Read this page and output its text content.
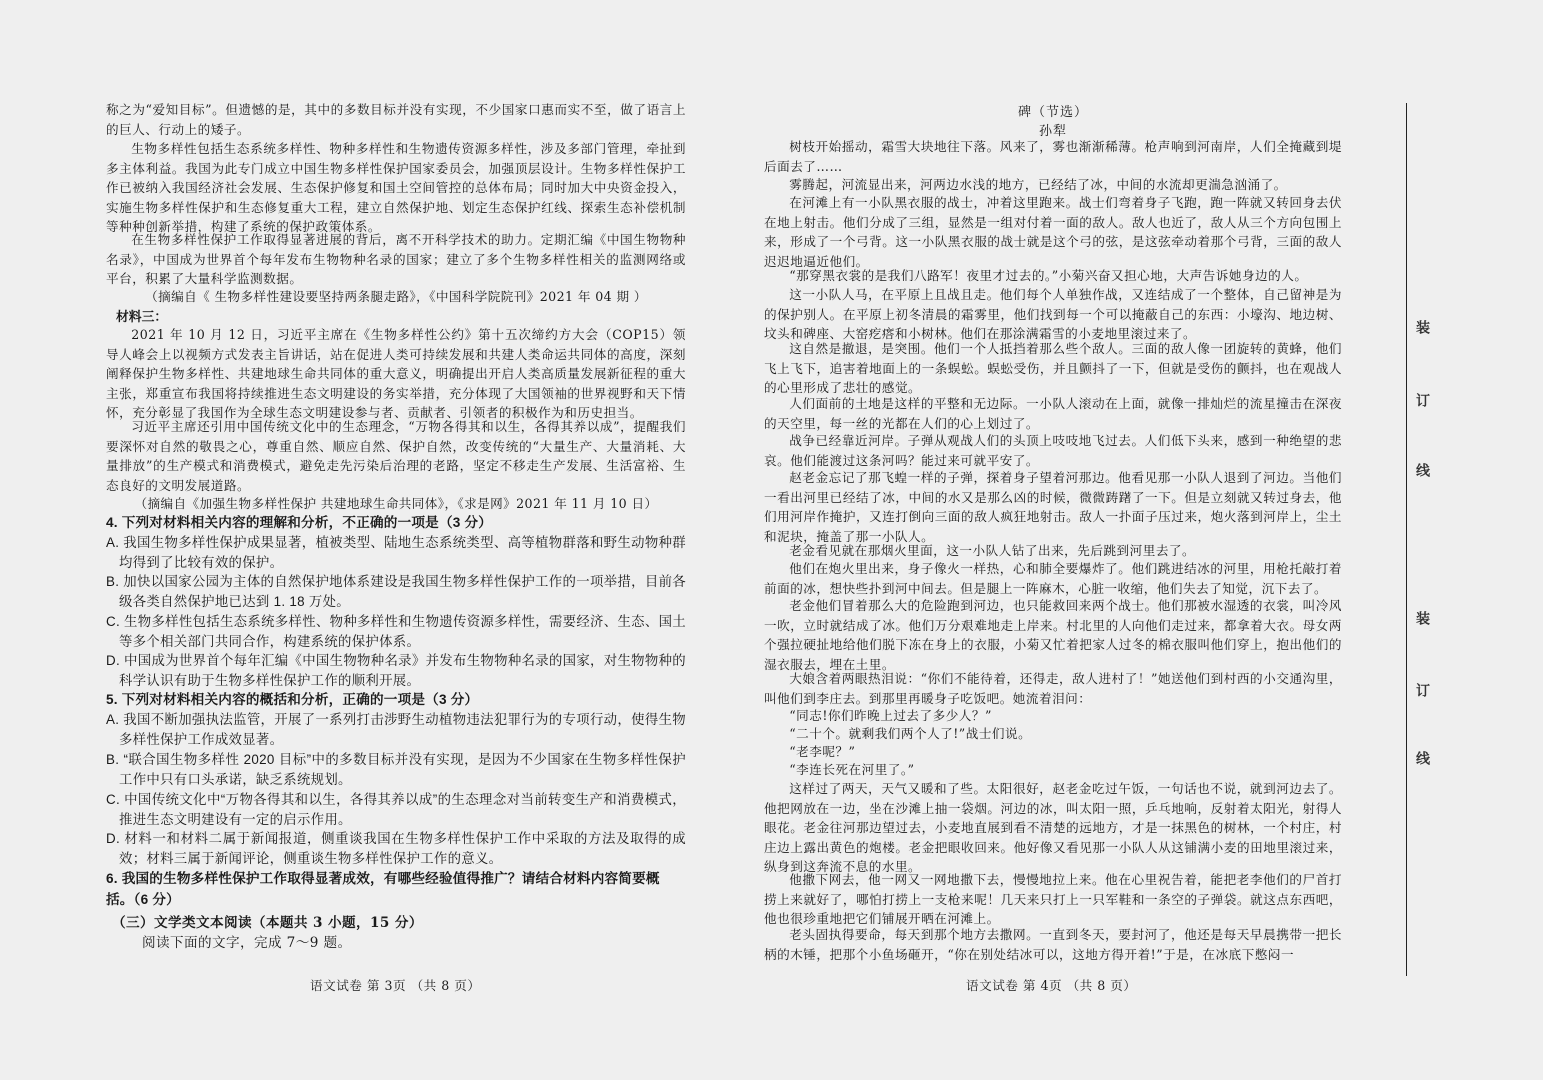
称之为“爱知目标”。但遗憾的是，其中的多数目标并没有实现，不少国家口惠而实不至，做了语言上的巨人、行动上的矮子。

生物多样性包括生态系统多样性、物种多样性和生物遗传资源多样性，涉及多部门管理，牵扯到多主体利益。我国为此专门成立中国生物多样性保护国家委员会，加强顶层设计。生物多样性保护工作已被纳入我国经济社会发展、生态保护修复和国土空间管控的总体布局；同时加大中央资金投入，实施生物多样性保护和生态修复重大工程，建立自然保护地、划定生态保护红线、探索生态补偿机制等种种创新举措，构建了系统的保护政策体系。

在生物多样性保护工作取得显著进展的背后，离不开科学技术的助力。定期汇编《中国生物物种名录》，中国成为世界首个每年发布生物物种名录的国家；建立了多个生物多样性相关的监测网络或平台，积累了大量科学监测数据。

（摘编自《 生物多样性建设要坚持两条腿走路》，《中国科学院院刊》2021 年 04 期 ）
材料三：

2021 年 10 月 12 日，习近平主席在《生物多样性公约》第十五次缔约方大会（COP15）领导人峰会上以视频方式发表主旨讲话，站在促进人类可持续发展和共建人类命运共同体的高度，深刻阐释保护生物多样性、共建地球生命共同体的重大意义，明确提出开启人类高质量发展新征程的重大主张，郑重宣布我国将持续推进生态文明建设的务实举措，充分体现了大国领袖的世界视野和天下情怀，充分彰显了我国作为全球生态文明建设参与者、贡献者、引领者的积极作为和历史担当。

习近平主席还引用中国传统文化中的生态理念，“万物各得其和以生，各得其养以成”，提醒我们要深怀对自然的敬畏之心，尊重自然、顺应自然、保护自然，改变传统的“大量生产、大量消耗、大量排放”的生产模式和消费模式，避免走先污染后治理的老路，坚定不移走生产发展、生活富裕、生态良好的文明发展道路。

（摘编自《加强生物多样性保护 共建地球生命共同体》，《求是网》2021 年 11 月 10 日）
4. 下列对材料相关内容的理解和分析，不正确的一项是（3 分）
A. 我国生物多样性保护成果显著，植被类型、陆地生态系统类型、高等植物群落和野生动物种群均得到了比较有效的保护。
B. 加快以国家公园为主体的自然保护地体系建设是我国生物多样性保护工作的一项举措，目前各级各类自然保护地已达到 1. 18 万处。
C. 生物多样性包括生态系统多样性、物种多样性和生物遗传资源多样性，需要经济、生态、国土等多个相关部门共同合作，构建系统的保护体系。
D. 中国成为世界首个每年汇编《中国生物物种名录》并发布生物物种名录的国家，对生物物种的科学认识有助于生物多样性保护工作的顺利开展。
5. 下列对材料相关内容的概括和分析，正确的一项是（3 分）
A. 我国不断加强执法监管，开展了一系列打击涉野生动植物违法犯罪行为的专项行动，使得生物多样性保护工作成效显著。
B. “联合国生物多样性 2020 目标”中的多数目标并没有实现，是因为不少国家在生物多样性保护工作中只有口头承诺，缺乏系统规划。
C. 中国传统文化中“万物各得其和以生，各得其养以成”的生态理念对当前转变生产和消费模式，推进生态文明建设有一定的启示作用。
D. 材料一和材料二属于新闻报道，侧重谈我国在生物多样性保护工作中采取的方法及取得的成效；材料三属于新闻评论，侧重谈生物多样性保护工作的意义。
6. 我国的生物多样性保护工作取得显著成效，有哪些经验值得推广？请结合材料内容简要概括。（6 分）
（三）文学类文本阅读（本题共 3 小题，15 分）
阅读下面的文字，完成 7～9 题。
语文试卷 第 3页 （共 8 页）
碑（节选）
孙犁

树枝开始摇动，霜雪大块地往下落。风来了，雾也渐渐稀薄。枪声响到河南岸，人们全掩藏到堤后面去了……

雾腾起，河流显出来，河两边水浅的地方，已经结了冰，中间的水流却更湍急汹涌了。

在河滩上有一小队黑衣服的战士，冲着这里跑来。战士们弯着身子飞跑，跑一阵就又转回身去伏在地上射击。他们分成了三组，显然是一组对付着一面的敌人。敌人也近了，敌人从三个方向包围上来，形成了一个弓背。这一小队黑衣服的战士就是这个弓的弦，是这弦牵动着那个弓背，三面的敌人迟迟地逼近他们。

“那穿黑衣裳的是我们八路军！夜里才过去的。”小菊兴奋又担心地，大声告诉她身边的人。

这一小队人马，在平原上且战且走。他们每个人单独作战，又连结成了一个整体，自己留神是为的保护别人。在平原上初冬清晨的霜雾里，他们找到每一个可以掩蔽自己的东西：小壕沟、地边树、坟头和碑座、大窑疙瘩和小树林。他们在那涂满霜雪的小麦地里滚过来了。

这自然是撤退，是突围。他们一个人抵挡着那么些个敌人。三面的敌人像一团旋转的黄蜂，他们飞上飞下，追害着地面上的一条蜈蚣。蜈蚣受伤，并且颤抖了一下，但就是受伤的颤抖，也在观战人的心里形成了悲壮的感觉。

人们面前的土地是这样的平整和无边际。一小队人滚动在上面，就像一排灿烂的流星撞击在深夜的天空里，每一丝的光都在人们的心上划过了。

战争已经靠近河岸。子弹从观战人们的头顶上吱吱地飞过去。人们低下头来，感到一种绝望的悲哀。他们能渡过这条河吗？能过来可就平安了。

赵老金忘记了那飞蝗一样的子弹，探着身子望着河那边。他看见那一小队人退到了河边。当他们一看出河里已经结了冰，中间的水又是那么凶的时候，微微踌躇了一下。但是立刻就又转过身去，他们用河岸作掩护，又连打倒向三面的敌人疯狂地射击。敌人一扑面子压过来，炮火落到河岸上，尘土和泥块，掩盖了那一小队人。

老金看见就在那烟火里面，这一小队人钻了出来，先后跳到河里去了。

他们在炮火里出来，身子像火一样热，心和肺全要爆炸了。他们跳进结冰的河里，用枪托敲打着前面的冰，想快些扑到河中间去。但是腿上一阵麻木，心脏一收缩，他们失去了知觉，沉下去了。

老金他们冒着那么大的危险跑到河边，也只能救回来两个战士。他们那被水湿透的衣裳，叫冷风一吹，立时就结成了冰。他们万分艰难地走上岸来。村北里的人向他们走过来，都拿着大衣。母女两个强拉硬扯地给他们脱下冻在身上的衣服，小菊又忙着把家人过冬的棉衣服叫他们穿上，抱出他们的湿衣服去，埋在土里。

大娘含着两眼热泪说：“你们不能待着，还得走，敌人进村了！”她送他们到村西的小交通沟里，叫他们到李庄去。到那里再暖身子吃饭吧。她流着泪问：

“同志!你们昨晚上过去了多少人？”

“二十个。就剩我们两个人了!”战士们说。

“老李呢？”

“李连长死在河里了。”

这样过了两天，天气又暖和了些。太阳很好，赵老金吃过午饭，一句话也不说，就到河边去了。他把网放在一边，坐在沙滩上抽一袋烟。河边的冰，叫太阳一照，乒乓地响，反射着太阳光，射得人眼花。老金往河那边望过去，小麦地直展到看不清楚的远地方，才是一抹黑色的树林，一个村庄，村庄边上露出黄色的炮楼。老金把眼收回来。他好像又看见那一小队人从这铺满小麦的田地里滚过来，纵身到这奔流不息的水里。

他撒下网去，他一网又一网地撒下去，慢慢地拉上来。他在心里祝告着，能把老李他们的尸首打捞上来就好了，哪怕打捞上一支枪来呢！几天来只打上一只军鞋和一条空的子弹袋。就这点东西吧，他也很珍重地把它们铺展开晒在河滩上。

老头固执得要命，每天到那个地方去撒网。一直到冬天，要封河了，他还是每天早晨携带一把长柄的木锤，把那个小鱼场砸开，“你在别处结冰可以，这地方得开着!”于是，在冰底下憋闷一

语文试卷 第 4页 （共 8 页）
装
订
线
装
订
线
